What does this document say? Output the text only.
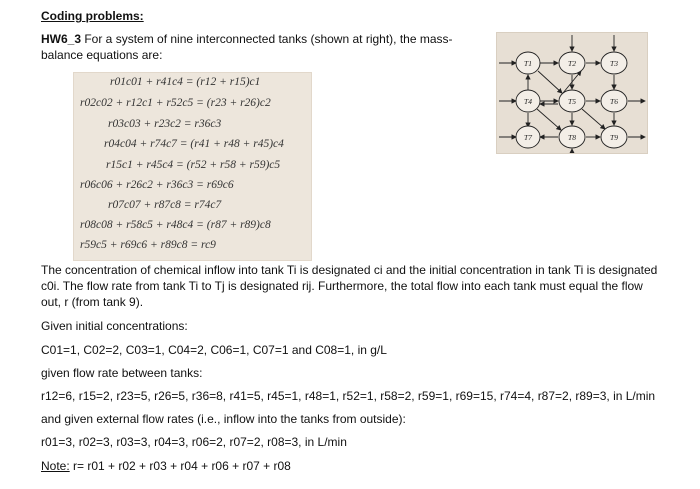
Coding problems:
HW6_3 For a system of nine interconnected tanks (shown at right), the mass-balance equations are:
r01c01 + r41c4 = (r12 + r15)c1
r02c02 + r12c1 + r52c5 = (r23 + r26)c2
r03c03 + r23c2 = r36c3
r04c04 + r74c7 = (r41 + r48 + r45)c4
r15c1 + r45c4 = (r52 + r58 + r59)c5
r06c06 + r26c2 + r36c3 = r69c6
r07c07 + r87c8 = r74c7
r08c08 + r58c5 + r48c4 = (r87 + r89)c8
r59c5 + r69c6 + r89c8 = rc9
T1	T2	T3
T4	T5	T6
T7	T8	T9
The concentration of chemical inflow into tank Ti is designated ci and the initial concentration in tank Ti is designated c0i. The flow rate from tank Ti to Tj is designated rij. Furthermore, the total flow into each tank must equal the flow out, r (from tank 9).
Given initial concentrations:
C01=1, C02=2, C03=1, C04=2, C06=1, C07=1 and C08=1, in g/L
given flow rate between tanks:
r12=6, r15=2, r23=5, r26=5, r36=8, r41=5, r45=1, r48=1, r52=1, r58=2, r59=1, r69=15, r74=4, r87=2, r89=3, in L/min
and given external flow rates (i.e., inflow into the tanks from outside):
r01=3, r02=3, r03=3, r04=3, r06=2, r07=2, r08=3, in L/min
Note: r= r01 + r02 + r03 + r04 + r06 + r07 + r08
